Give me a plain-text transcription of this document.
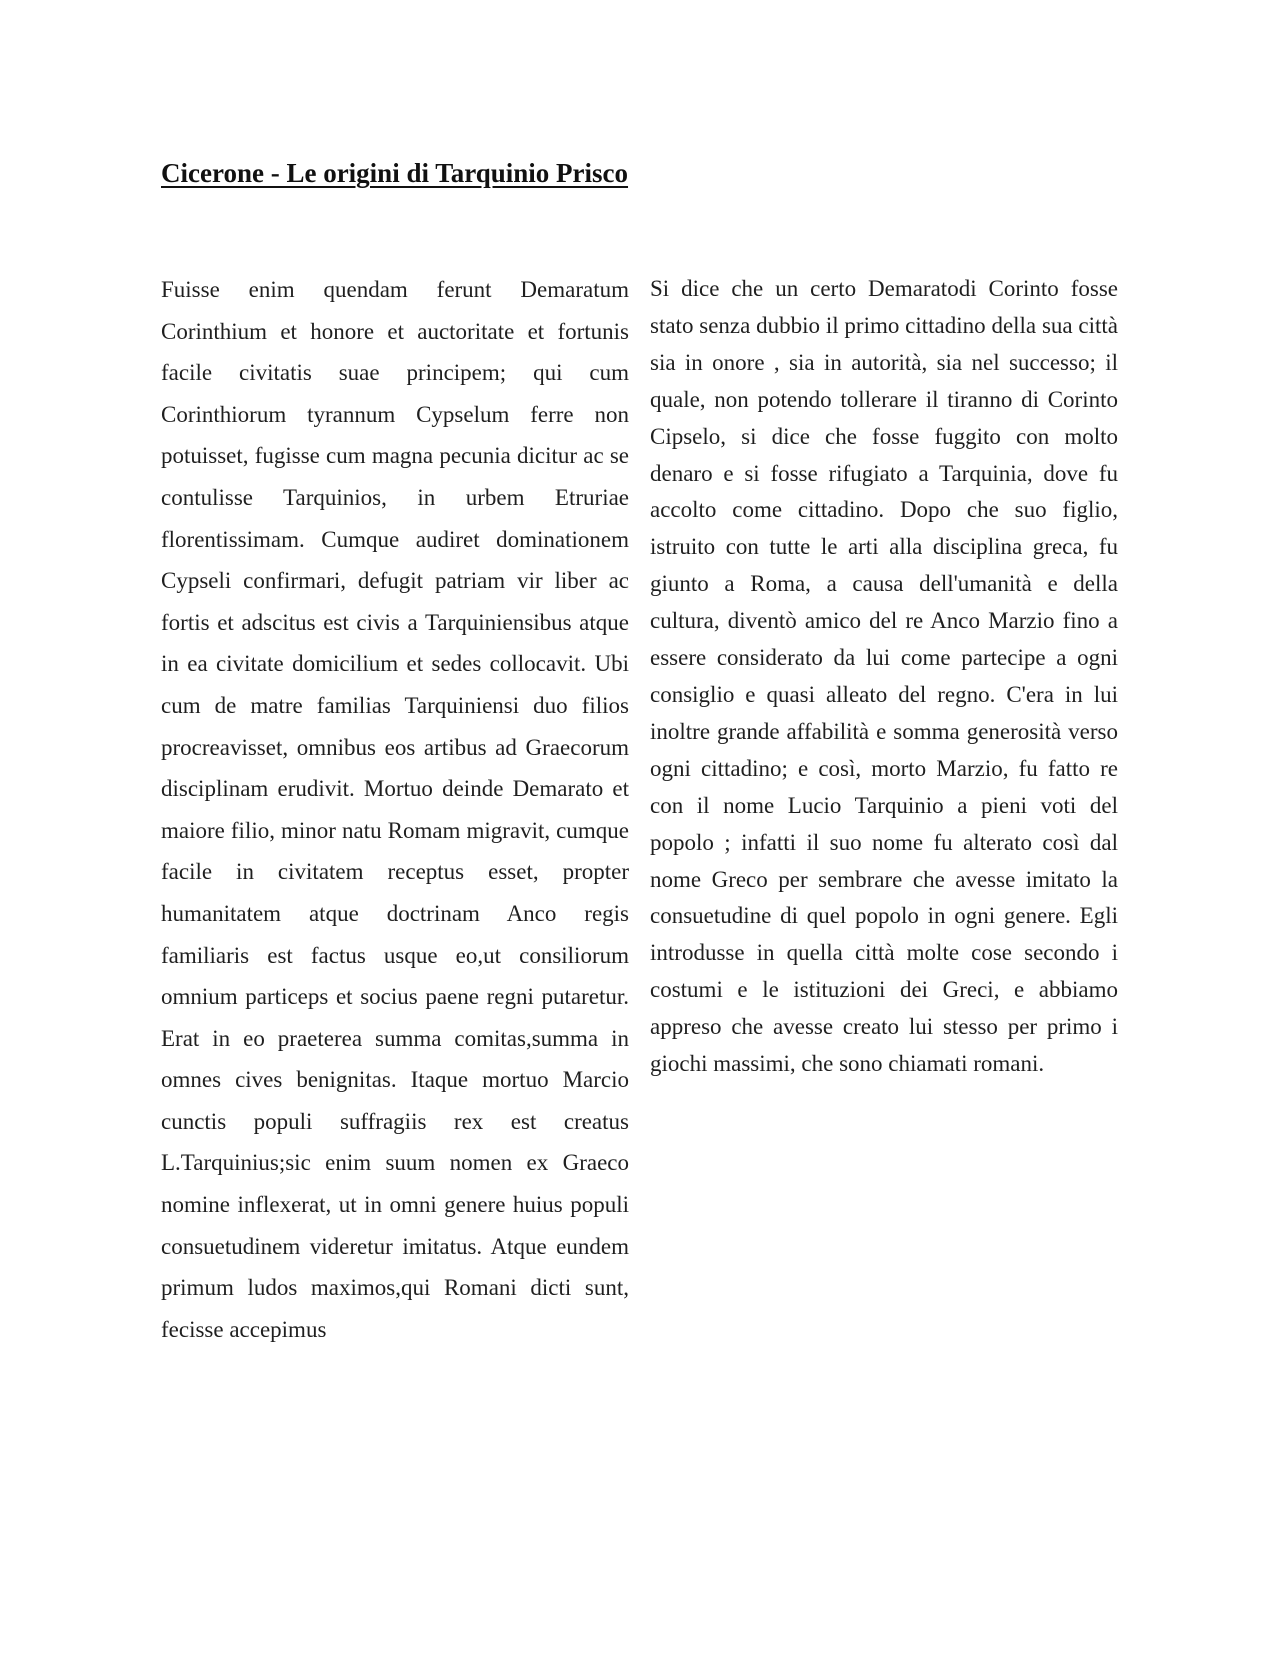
Cicerone - Le origini di Tarquinio Prisco

Fuisse enim quendam ferunt Demaratum Corinthium et honore et auctoritate et fortunis facile civitatis suae principem; qui cum Corinthiorum tyrannum Cypselum ferre non potuisset, fugisse cum magna pecunia dicitur ac se contulisse Tarquinios, in urbem Etruriae florentissimam. Cumque audiret dominationem Cypseli confirmari, defugit patriam vir liber ac fortis et adscitus est civis a Tarquiniensibus atque in ea civitate domicilium et sedes collocavit. Ubi cum de matre familias Tarquiniensi duo filios procreavisset, omnibus eos artibus ad Graecorum disciplinam erudivit. Mortuo deinde Demarato et maiore filio, minor natu Romam migravit, cumque facile in civitatem receptus esset, propter humanitatem atque doctrinam Anco regis familiaris est factus usque eo,ut consiliorum omnium particeps et socius paene regni putaretur. Erat in eo praeterea summa comitas,summa in omnes cives benignitas. Itaque mortuo Marcio cunctis populi suffragiis rex est creatus L.Tarquinius;sic enim suum nomen ex Graeco nomine inflexerat, ut in omni genere huius populi consuetudinem videretur imitatus. Atque eundem primum ludos maximos,qui Romani dicti sunt, fecisse accepimus

Si dice che un certo Demaratodi Corinto fosse stato senza dubbio il primo cittadino della sua città sia in onore , sia in autorità, sia nel successo; il quale, non potendo tollerare il tiranno di Corinto Cipselo, si dice che fosse fuggito con molto denaro e si fosse rifugiato a Tarquinia, dove fu accolto come cittadino. Dopo che suo figlio, istruito con tutte le arti alla disciplina greca, fu giunto a Roma, a causa dell'umanità e della cultura, diventò amico del re Anco Marzio fino a essere considerato da lui come partecipe a ogni consiglio e quasi alleato del regno. C'era in lui inoltre grande affabilità e somma generosità verso ogni cittadino; e così, morto Marzio, fu fatto re con il nome Lucio Tarquinio a pieni voti del popolo ; infatti il suo nome fu alterato così dal nome Greco per sembrare che avesse imitato la consuetudine di quel popolo in ogni genere. Egli introdusse in quella città molte cose secondo i costumi e le istituzioni dei Greci, e abbiamo appreso che avesse creato lui stesso per primo i giochi massimi, che sono chiamati romani.
